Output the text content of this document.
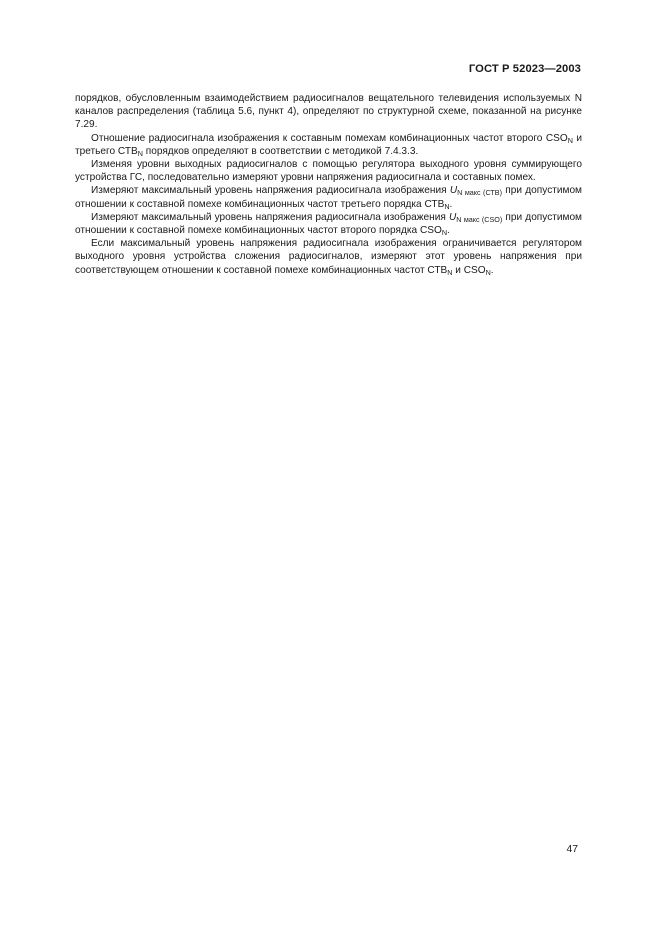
ГОСТ Р 52023—2003

порядков, обусловленным взаимодействием радиосигналов вещательного телевидения используемых N каналов распределения (таблица 5.6, пункт 4), определяют по структурной схеме, показанной на рисунке 7.29.

Отношение радиосигнала изображения к составным помехам комбинационных частот второго $CSO_N$ и третьего $СТВ_N$ порядков определяют в соответствии с методикой 7.4.3.3.

Изменяя уровни выходных радиосигналов с помощью регулятора выходного уровня суммирующего устройства ГС, последовательно измеряют уровни напряжения радиосигнала и составных помех.

Измеряют максимальный уровень напряжения радиосигнала изображения $U_{N макс (СТВ)}$ при допустимом отношении к составной помехе комбинационных частот третьего порядка $СТВ_N$.

Измеряют максимальный уровень напряжения радиосигнала изображения $U_{N макс (CSO)}$ при допустимом отношении к составной помехе комбинационных частот второго порядка $CSO_N$.

Если максимальный уровень напряжения радиосигнала изображения ограничивается регулятором выходного уровня устройства сложения радиосигналов, измеряют этот уровень напряжения при соответствующем отношении к составной помехе комбинационных частот $СТВ_N$ и $CSO_N$.

47
